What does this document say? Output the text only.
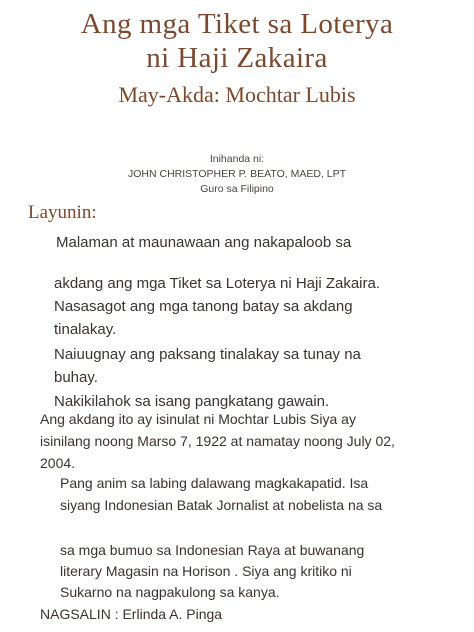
Ang mga Tiket sa Loterya
ni Haji Zakaira
May-Akda: Mochtar Lubis
Inihanda ni:
JOHN CHRISTOPHER P. BEATO, MAED, LPT
Guro sa Filipino
Layunin:
Malaman at maunawaan ang nakapaloob sa
akdang ang mga Tiket sa Loterya ni Haji Zakaira.
Nasasagot ang mga tanong batay sa akdang
tinalakay.
Naiuugnay ang paksang tinalakay sa tunay na
buhay.
Nakikilahok sa isang pangkatang gawain.
Ang akdang ito ay isinulat ni Mochtar Lubis Siya ay
isinilang noong Marso 7, 1922 at namatay noong July 02,
2004.
Pang anim sa labing dalawang magkakapatid. Isa
siyang Indonesian Batak Jornalist at nobelista na sa
sa mga bumuo sa Indonesian Raya at buwanang
literary Magasin na Horison . Siya ang kritiko ni
Sukarno na nagpakulong sa kanya.
NAGSALIN : Erlinda A. Pinga
